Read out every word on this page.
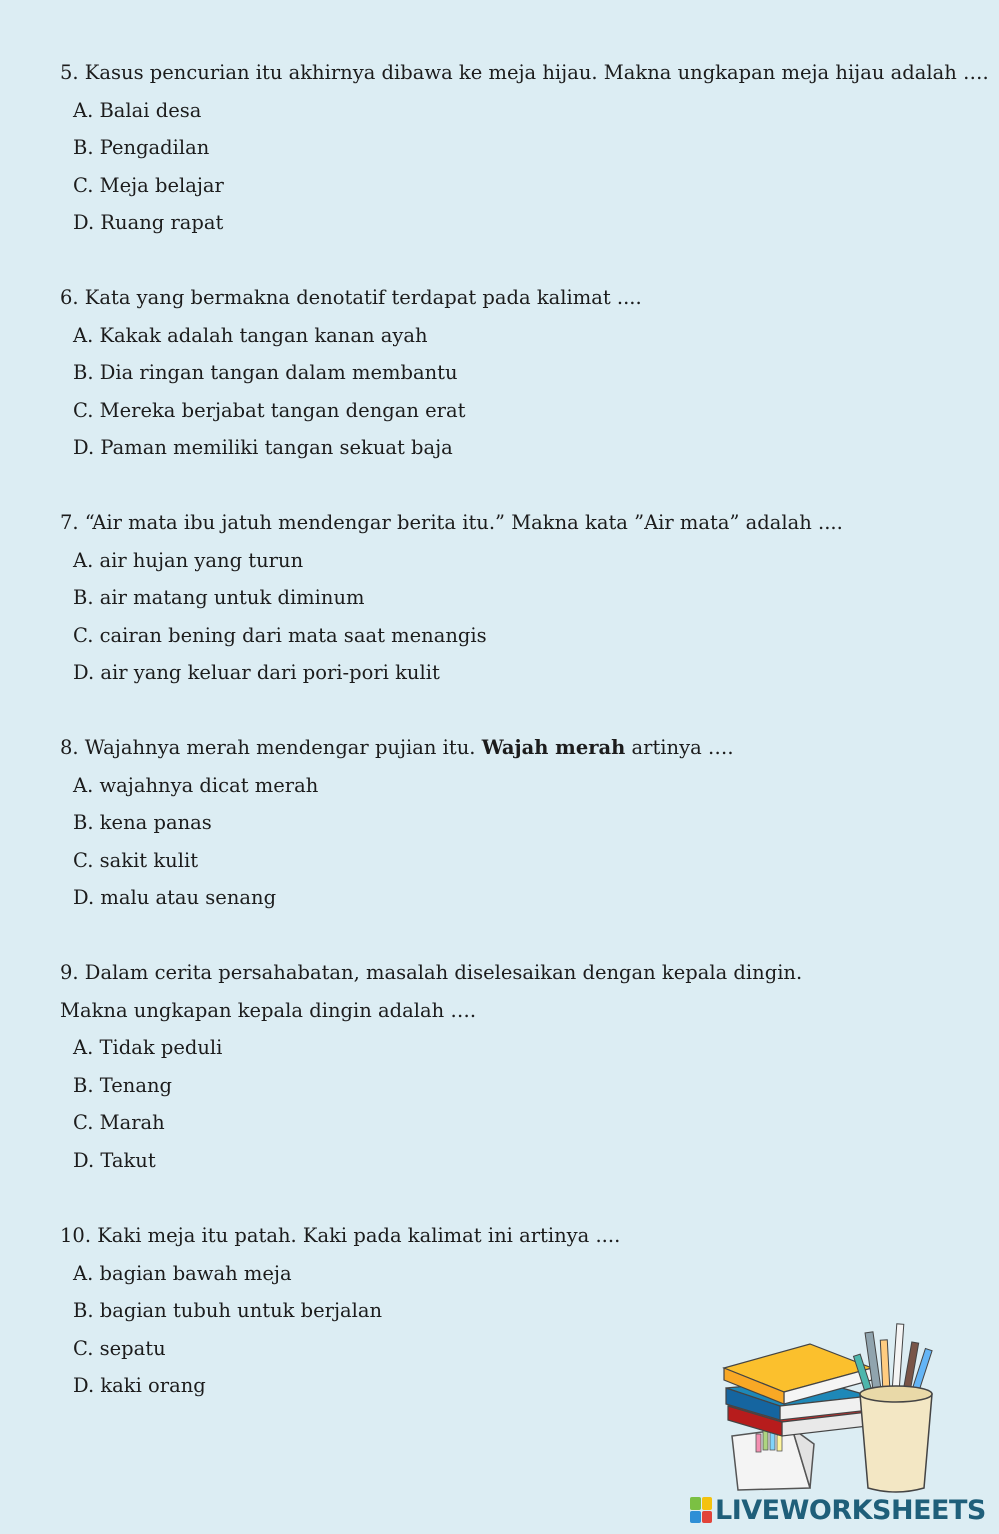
5. Kasus pencurian itu akhirnya dibawa ke meja hijau. Makna ungkapan meja hijau adalah ….
A. Balai desa
B. Pengadilan
C. Meja belajar
D. Ruang rapat
6. Kata yang bermakna denotatif terdapat pada kalimat ....
A. Kakak adalah tangan kanan ayah
B. Dia ringan tangan dalam membantu
C. Mereka berjabat tangan dengan erat
D. Paman memiliki tangan sekuat baja
7. “Air mata ibu jatuh mendengar berita itu.” Makna kata ”Air mata” adalah ....
A. air hujan yang turun
B. air matang untuk diminum
C. cairan bening dari mata saat menangis
D. air yang keluar dari pori-pori kulit
8. Wajahnya merah mendengar pujian itu. Wajah merah artinya ….
A. wajahnya dicat merah
B. kena panas
C. sakit kulit
D. malu atau senang
9. Dalam cerita persahabatan, masalah diselesaikan dengan kepala dingin.
Makna ungkapan kepala dingin adalah ….
A. Tidak peduli
B. Tenang
C. Marah
D. Takut
10. Kaki meja itu patah. Kaki pada kalimat ini artinya ....
A. bagian bawah meja
B. bagian tubuh untuk berjalan
C. sepatu
D. kaki orang
LIVEWORKSHEETS
